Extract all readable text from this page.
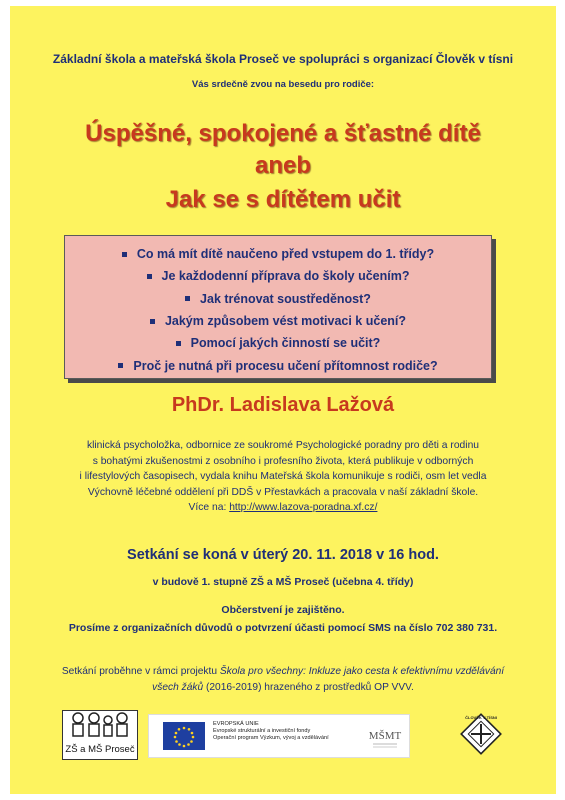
Základní škola a mateřská škola Proseč ve spolupráci s organizací Člověk v tísni
Vás srdečně zvou na besedu pro rodiče:
Úspěšné, spokojené a šťastné dítě
aneb
Jak se s dítětem učit
Co má mít dítě naučeno před vstupem do 1. třídy?
Je každodenní příprava do školy učením?
Jak trénovat soustředěnost?
Jakým způsobem vést motivaci k učení?
Pomocí jakých činností se učit?
Proč je nutná při procesu učení přítomnost rodiče?
PhDr. Ladislava Lažová
klinická psycholožka, odbornice ze soukromé Psychologické poradny pro děti a rodinu
s bohatými zkušenostmi z osobního i profesního života, která publikuje v odborných
i lifestylových časopisech, vydala knihu Mateřská škola komunikuje s rodiči, osm let vedla
Výchovně léčebné oddělení při DDŠ v Přestavkách a pracovala v naší základní škole.
Více na: http://www.lazova-poradna.xf.cz/
Setkání se koná v úterý 20. 11. 2018 v 16 hod.
v budově 1. stupně ZŠ a MŠ Proseč (učebna 4. třídy)
Občerstvení je zajištěno.
Prosíme z organizačních důvodů o potvrzení účasti pomocí SMS na číslo 702 380 731.
Setkání proběhne v rámci projektu Škola pro všechny: Inkluze jako cesta k efektivnímu vzdělávání
všech žáků (2016-2019) hrazeného z prostředků OP VVV.
ZŠ a MŠ Proseč
EVROPSKÁ UNIE
Evropské strukturální a investiční fondy
Operační program Výzkum, vývoj a vzdělávání	MŠMT
ČLOVĚK V TÍSNI
